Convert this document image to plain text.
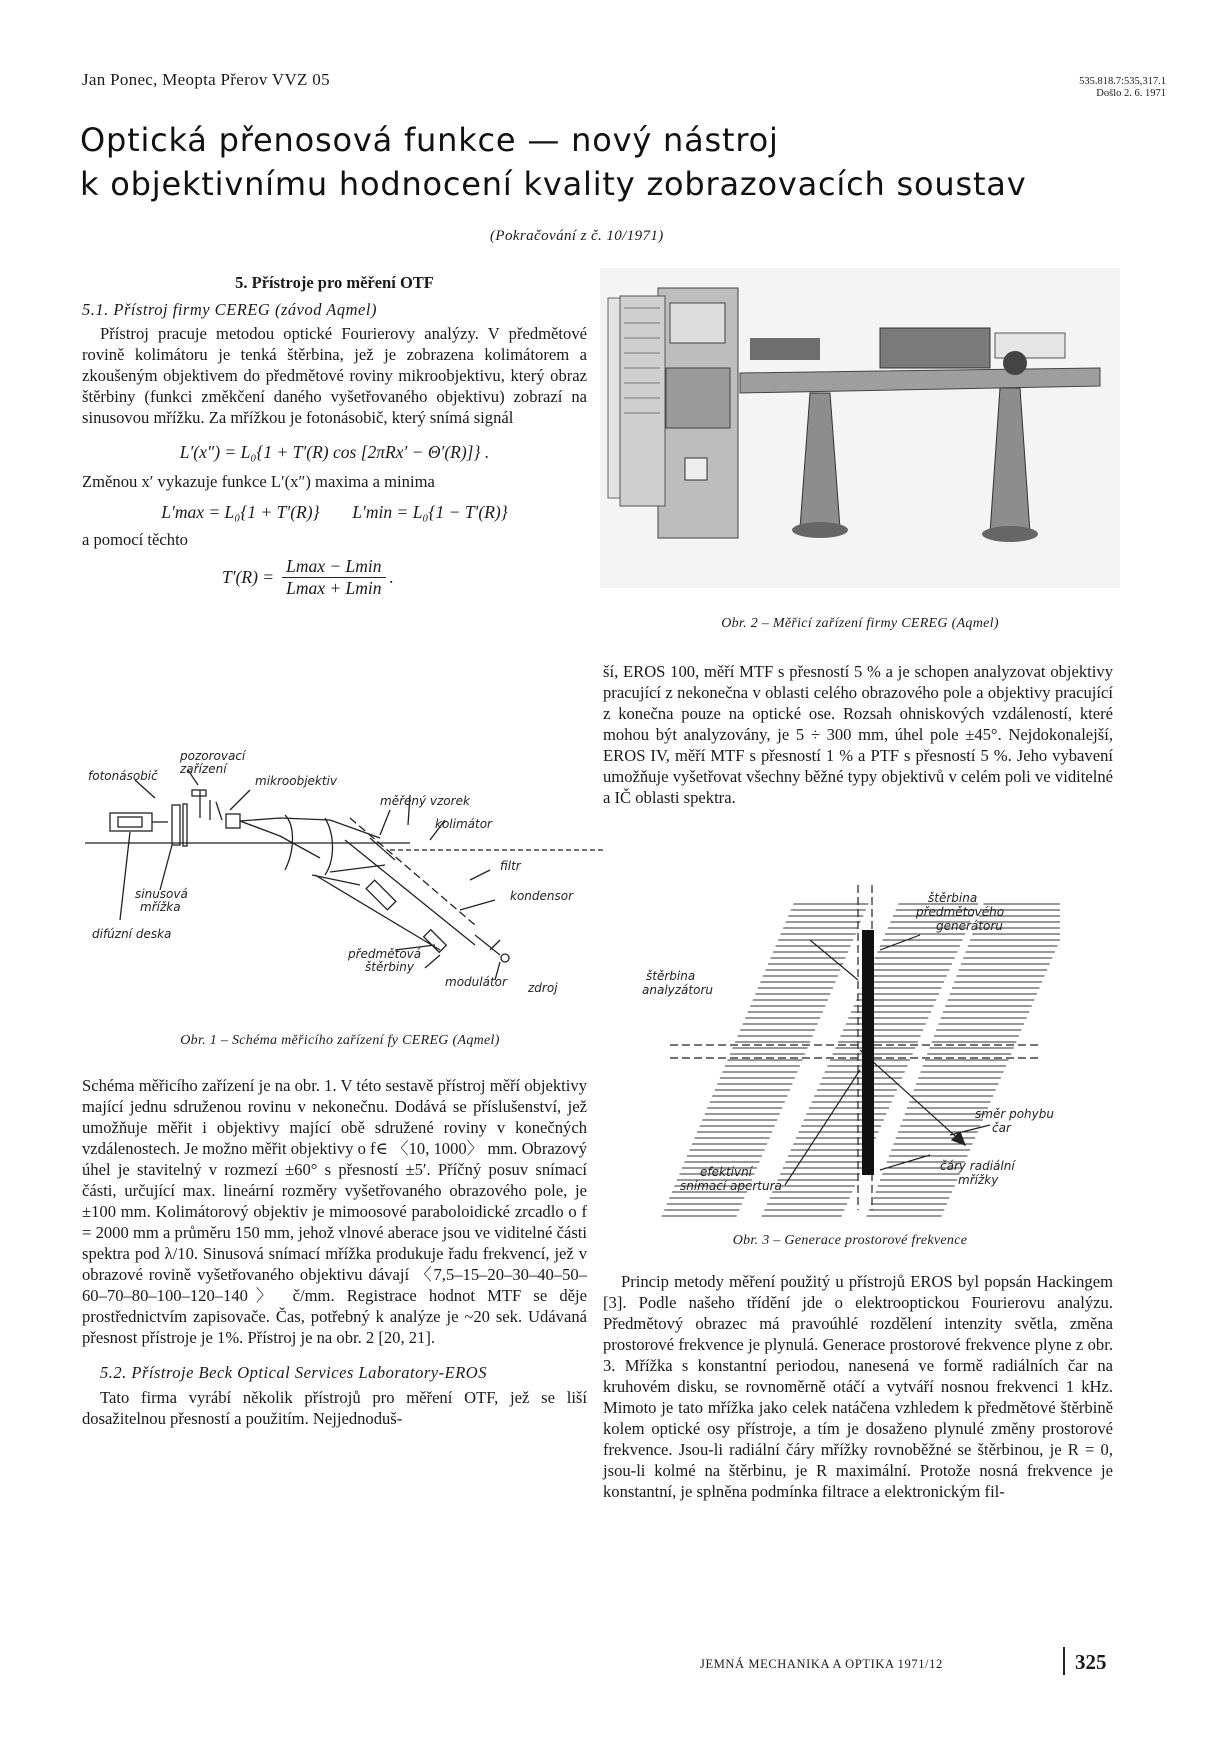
Jan Ponec, Meopta Přerov VVZ 05	535.818.7:535,317.1
Došlo 2. 6. 1971
Optická přenosová funkce — nový nástroj
k objektivnímu hodnocení kvality zobrazovacích soustav
(Pokračování z č. 10/1971)
5. Přístroje pro měření OTF
5.1. Přístroj firmy CEREG (závod Aqmel)

Přístroj pracuje metodou optické Fourierovy analýzy. V předmětové rovině kolimátoru je tenká štěrbina, jež je zobrazena kolimátorem a zkoušeným objektivem do předmětové roviny mikroobjektivu, který obraz štěrbiny (funkci změkčení daného vyšetřovaného objektivu) zobrazí na sinusovou mřížku. Za mřížkou je fotonásobič, který snímá signál

L′(x″) = L₀{1 + T′(R) cos [2πRx′ − Θ′(R)]} .

Změnou x′ vykazuje funkce L′(x″) maxima a minima

L′max = L₀{1 + T′(R)} L′min = L₀{1 − T′(R)}

a pomocí těchto

T′(R) =
Lmax − Lmin
Lmax + Lmin
.
fotonásobič
pozorovací
zařízení
mikroobjektiv
měřený vzorek
kolimátor
filtr
kondensor
sinusová
mřížka
difúzní deska
předmětová
štěrbiny
modulátor zdroj
Obr. 1 – Schéma měřicího zařízení fy CEREG (Aqmel)

Schéma měřicího zařízení je na obr. 1. V této sestavě přístroj měří objektivy mající jednu sdruženou rovinu v nekonečnu. Dodává se příslušenství, jež umožňuje měřit i objektivy mající obě sdružené roviny v konečných vzdálenostech. Je možno měřit objektivy o f∈ 〈10, 1000〉 mm. Obrazový úhel je stavitelný v rozmezí ±60° s přesností ±5′. Příčný posuv snímací části, určující max. lineární rozměry vyšetřovaného obrazového pole, je ±100 mm. Kolimátorový objektiv je mimoosové paraboloidické zrcadlo o f = 2000 mm a průměru 150 mm, jehož vlnové aberace jsou ve viditelné části spektra pod λ/10. Sinusová snímací mřížka produkuje řadu frekvencí, jež v obrazové rovině vyšetřovaného objektivu dávají 〈7,5–15–20–30–40–50–60–70–80–100–120–140〉 č/mm. Registrace hodnot MTF se děje prostřednictvím zapisovače. Čas, potřebný k analýze je ~20 sek. Udávaná přesnost přístroje je 1%. Přístroj je na obr. 2 [20, 21].

5.2. Přístroje Beck Optical Services Laboratory-EROS

Tato firma vyrábí několik přístrojů pro měření OTF, jež se liší dosažitelnou přesností a použitím. Nejjednoduš-

Obr. 2 – Měřicí zařízení firmy CEREG (Aqmel)

ší, EROS 100, měří MTF s přesností 5 % a je schopen analyzovat objektivy pracující z nekonečna v oblasti celého obrazového pole a objektivy pracující z konečna pouze na optické ose. Rozsah ohniskových vzdáleností, které mohou být analyzovány, je 5 ÷ 300 mm, úhel pole ±45°. Nejdokonalejší, EROS IV, měří MTF s přesností 1 % a PTF s přesností 5 %. Jeho vybavení umožňuje vyšetřovat všechny běžné typy objektivů v celém poli ve viditelné a IČ oblasti spektra.

štěrbina
předmětového
generátoru
štěrbina
analyzátoru
směr pohybu
čar
efektivní
snímací apertura
čáry radiální
mřížky
Obr. 3 – Generace prostorové frekvence

Princip metody měření použitý u přístrojů EROS byl popsán Hackingem [3]. Podle našeho třídění jde o elektrooptickou Fourierovu analýzu. Předmětový obrazec má pravoúhlé rozdělení intenzity světla, změna prostorové frekvence je plynulá. Generace prostorové frekvence plyne z obr. 3. Mřížka s konstantní periodou, nanesená ve formě radiálních čar na kruhovém disku, se rovnoměrně otáčí a vytváří nosnou frekvenci 1 kHz. Mimoto je tato mřížka jako celek natáčena vzhledem k předmětové štěrbině kolem optické osy přístroje, a tím je dosaženo plynulé změny prostorové frekvence. Jsou-li radiální čáry mřížky rovnoběžné se štěrbinou, je R = 0, jsou-li kolmé na štěrbinu, je R maximální. Protože nosná frekvence je konstantní, je splněna podmínka filtrace a elektronickým fil-

JEMNÁ MECHANIKA A OPTIKA 1971/12	325
